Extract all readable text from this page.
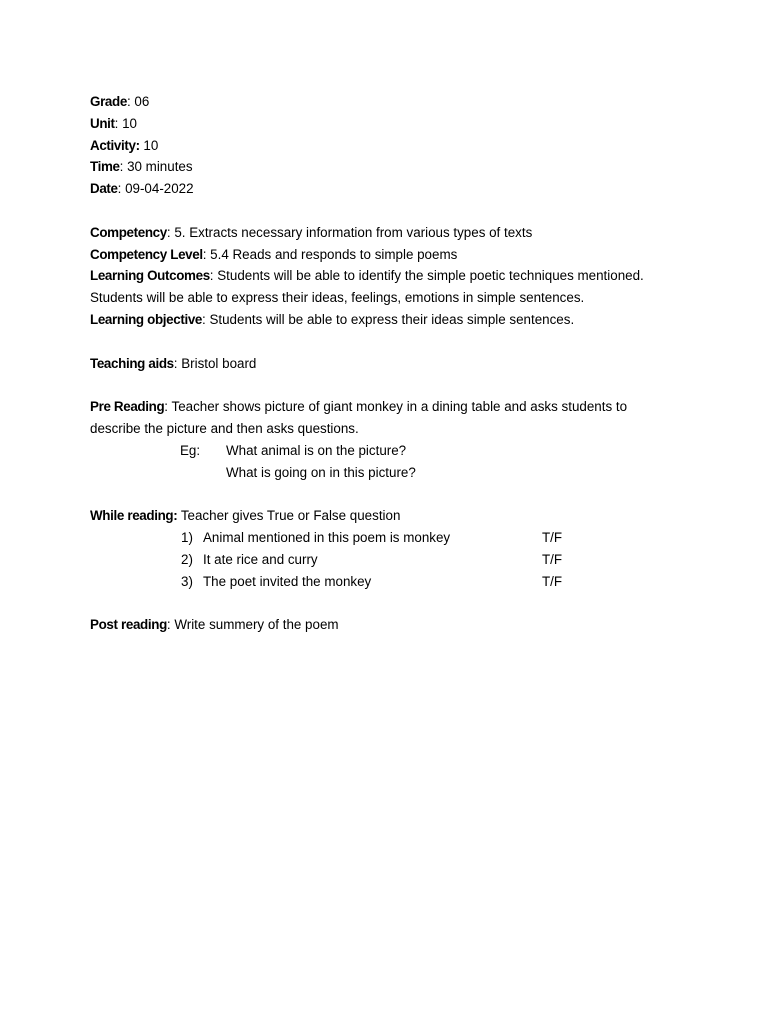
Grade: 06
Unit: 10
Activity: 10
Time: 30 minutes
Date: 09-04-2022
Competency: 5. Extracts necessary information from various types of texts
Competency Level: 5.4 Reads and responds to simple poems
Learning Outcomes: Students will be able to identify the simple poetic techniques mentioned.
Students will be able to express their ideas, feelings, emotions in simple sentences.
Learning objective: Students will be able to express their ideas simple sentences.
Teaching aids: Bristol board
Pre Reading: Teacher shows picture of giant monkey in a dining table and asks students to
describe the picture and then asks questions.
Eg: What animal is on the picture?
What is going on in this picture?
While reading: Teacher gives True or False question
1) Animal mentioned in this poem is monkey	T/F
2) It ate rice and curry	T/F
3) The poet invited the monkey	T/F
Post reading: Write summery of the poem
